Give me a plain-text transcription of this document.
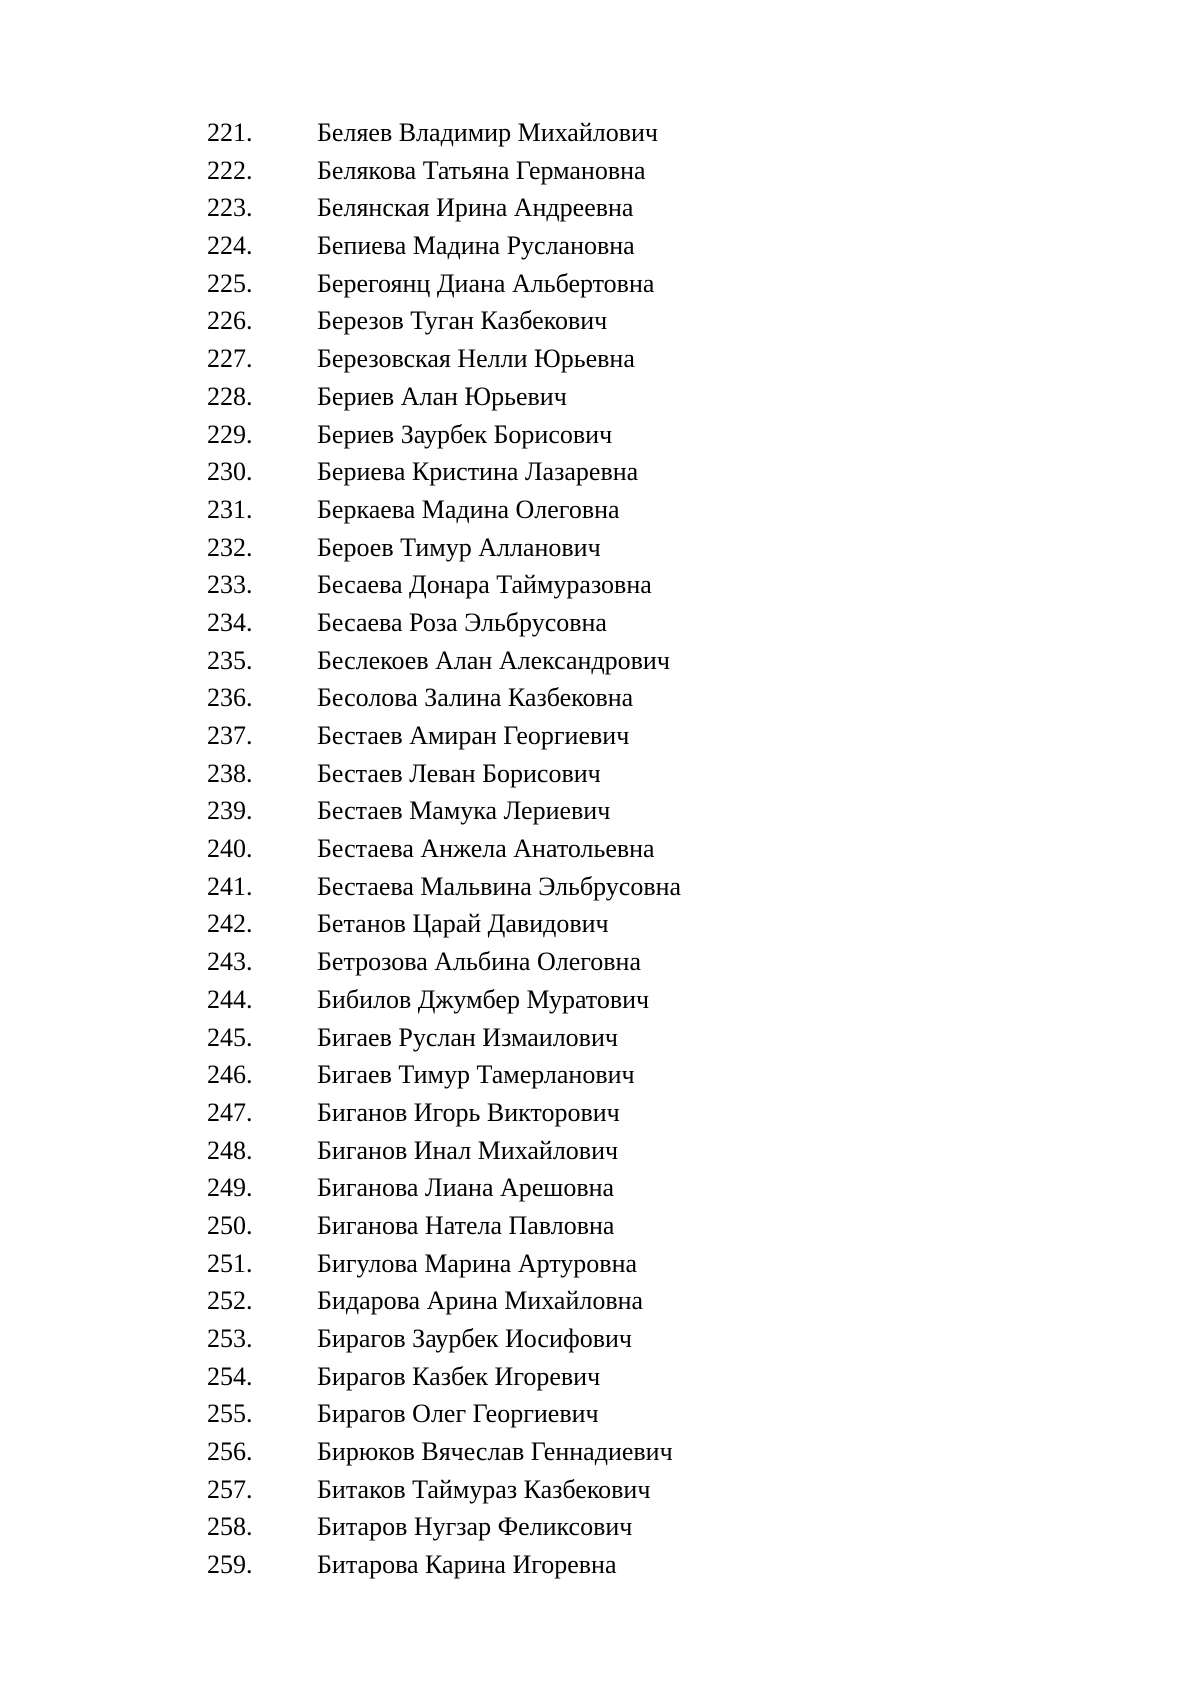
221. Беляев Владимир Михайлович
222. Белякова Татьяна Германовна
223. Белянская Ирина Андреевна
224. Бепиева Мадина Руслановна
225. Берегоянц Диана Альбертовна
226. Березов Туган Казбекович
227. Березовская Нелли Юрьевна
228. Бериев Алан Юрьевич
229. Бериев Заурбек Борисович
230. Бериева Кристина Лазаревна
231. Беркаева Мадина Олеговна
232. Бероев Тимур Алланович
233. Бесаева Донара Таймуразовна
234. Бесаева Роза Эльбрусовна
235. Беслекоев Алан Александрович
236. Бесолова Залина Казбековна
237. Бестаев Амиран Георгиевич
238. Бестаев Леван Борисович
239. Бестаев Мамука Лериевич
240. Бестаева Анжела Анатольевна
241. Бестаева Мальвина Эльбрусовна
242. Бетанов Царай Давидович
243. Бетрозова Альбина Олеговна
244. Бибилов Джумбер Муратович
245. Бигаев Руслан Измаилович
246. Бигаев Тимур Тамерланович
247. Биганов Игорь Викторович
248. Биганов Инал Михайлович
249. Биганова Лиана Арешовна
250. Биганова Натела Павловна
251. Бигулова Марина Артуровна
252. Бидарова Арина Михайловна
253. Бирагов Заурбек Иосифович
254. Бирагов Казбек Игоревич
255. Бирагов Олег Георгиевич
256. Бирюков Вячеслав Геннадиевич
257. Битаков Таймураз Казбекович
258. Битаров Нугзар Феликсович
259. Битарова Карина Игоревна
